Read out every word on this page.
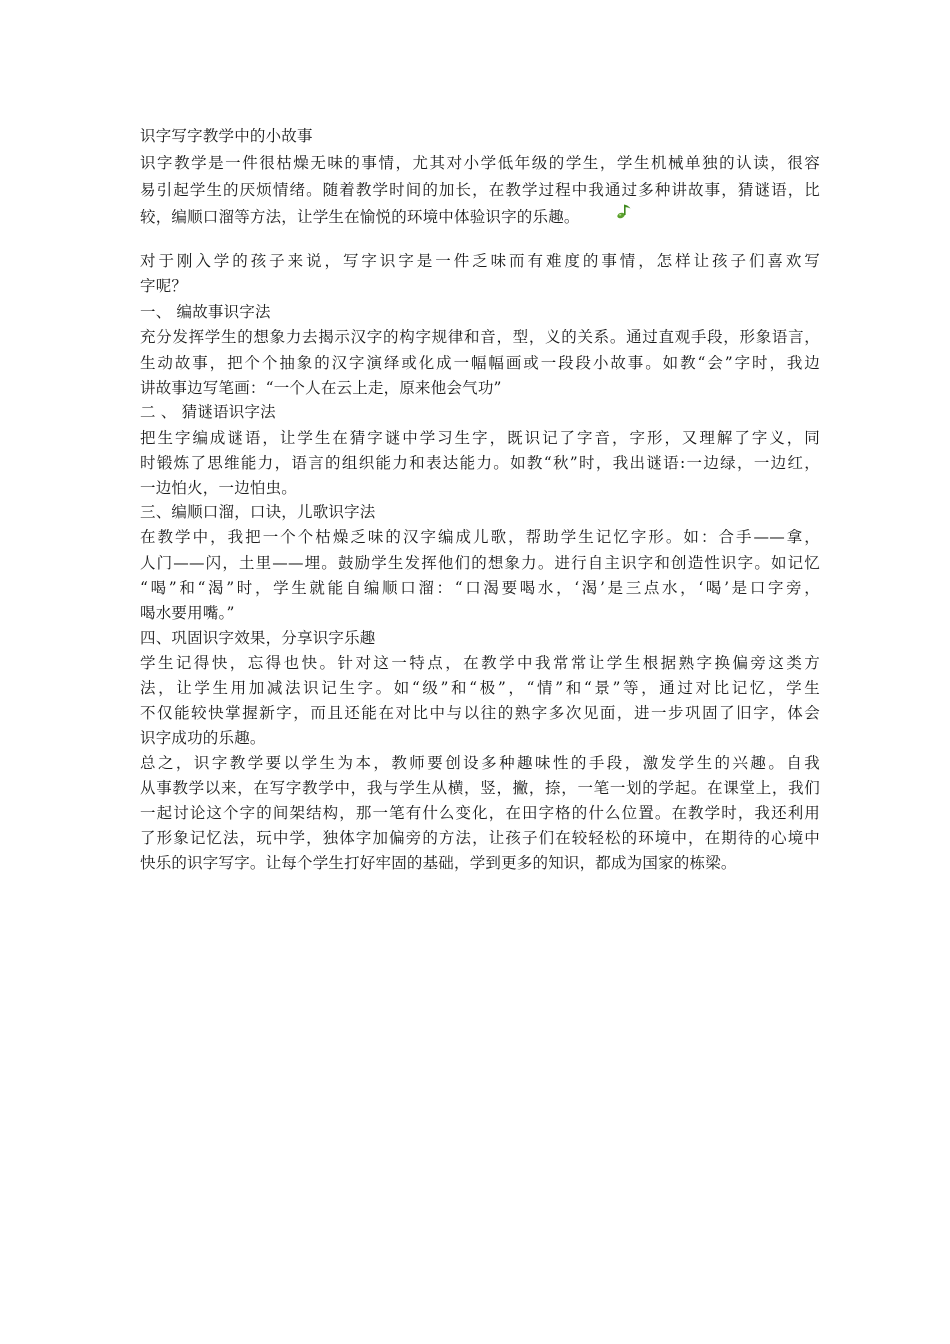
识字写字教学中的小故事
识字教学是一件很枯燥无味的事情，尤其对小学低年级的学生，学生机械单独的认读，很容
易引起学生的厌烦情绪。随着教学时间的加长，在教学过程中我通过多种讲故事，猜谜语，比
较，编顺口溜等方法，让学生在愉悦的环境中体验识字的乐趣。
对于刚入学的孩子来说，写字识字是一件乏味而有难度的事情，怎样让孩子们喜欢写
字呢？
一、 编故事识字法
充分发挥学生的想象力去揭示汉字的构字规律和音，型，义的关系。通过直观手段，形象语言，
生动故事，把个个抽象的汉字演绎或化成一幅幅画或一段段小故事。如教“会”字时，我边
讲故事边写笔画：“一个人在云上走，原来他会气功”
二 、 猜谜语识字法
把生字编成谜语，让学生在猜字谜中学习生字，既识记了字音，字形，又理解了字义，同
时锻炼了思维能力，语言的组织能力和表达能力。如教“秋”时，我出谜语:一边绿，一边红，
一边怕火，一边怕虫。
三、编顺口溜，口诀，儿歌识字法
在教学中，我把一个个枯燥乏味的汉字编成儿歌，帮助学生记忆字形。如：合手——拿，
人门——闪，土里——埋。鼓励学生发挥他们的想象力。进行自主识字和创造性识字。如记忆
“喝”和“渴”时，学生就能自编顺口溜：“口渴要喝水，‘渴’是三点水，‘喝’是口字旁，
喝水要用嘴。”
四、巩固识字效果，分享识字乐趣
学生记得快，忘得也快。针对这一特点，在教学中我常常让学生根据熟字换偏旁这类方
法，让学生用加减法识记生字。如“级”和“极”，“情”和“景”等，通过对比记忆，学生
不仅能较快掌握新字，而且还能在对比中与以往的熟字多次见面，进一步巩固了旧字，体会
识字成功的乐趣。
总之，识字教学要以学生为本，教师要创设多种趣味性的手段，激发学生的兴趣。自我
从事教学以来，在写字教学中，我与学生从横，竖，撇，捺，一笔一划的学起。在课堂上，我们
一起讨论这个字的间架结构，那一笔有什么变化，在田字格的什么位置。在教学时，我还利用
了形象记忆法，玩中学，独体字加偏旁的方法，让孩子们在较轻松的环境中，在期待的心境中
快乐的识字写字。让每个学生打好牢固的基础，学到更多的知识，都成为国家的栋梁。
